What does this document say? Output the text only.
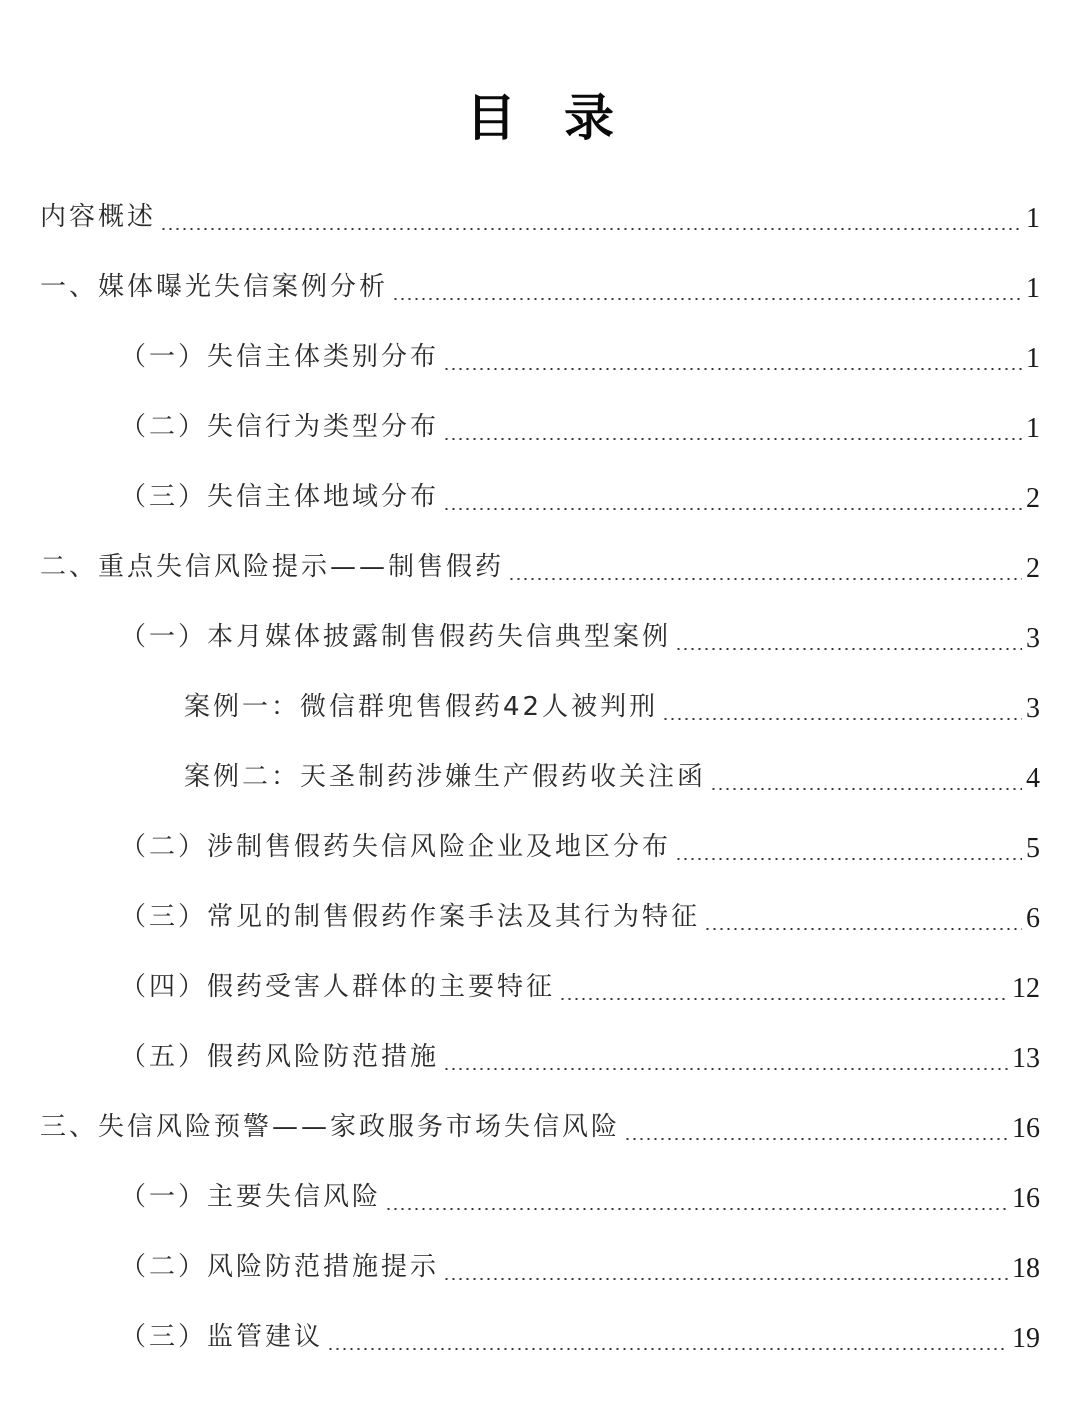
目录
内容概述	1
一、媒体曝光失信案例分析	1
（一）失信主体类别分布	1
（二）失信行为类型分布	1
（三）失信主体地域分布	2
二、重点失信风险提示——制售假药	2
（一）本月媒体披露制售假药失信典型案例	3
案例一：微信群兜售假药42人被判刑	3
案例二：天圣制药涉嫌生产假药收关注函	4
（二）涉制售假药失信风险企业及地区分布	5
（三）常见的制售假药作案手法及其行为特征	6
（四）假药受害人群体的主要特征	12
（五）假药风险防范措施	13
三、失信风险预警——家政服务市场失信风险	16
（一）主要失信风险	16
（二）风险防范措施提示	18
（三）监管建议	19
